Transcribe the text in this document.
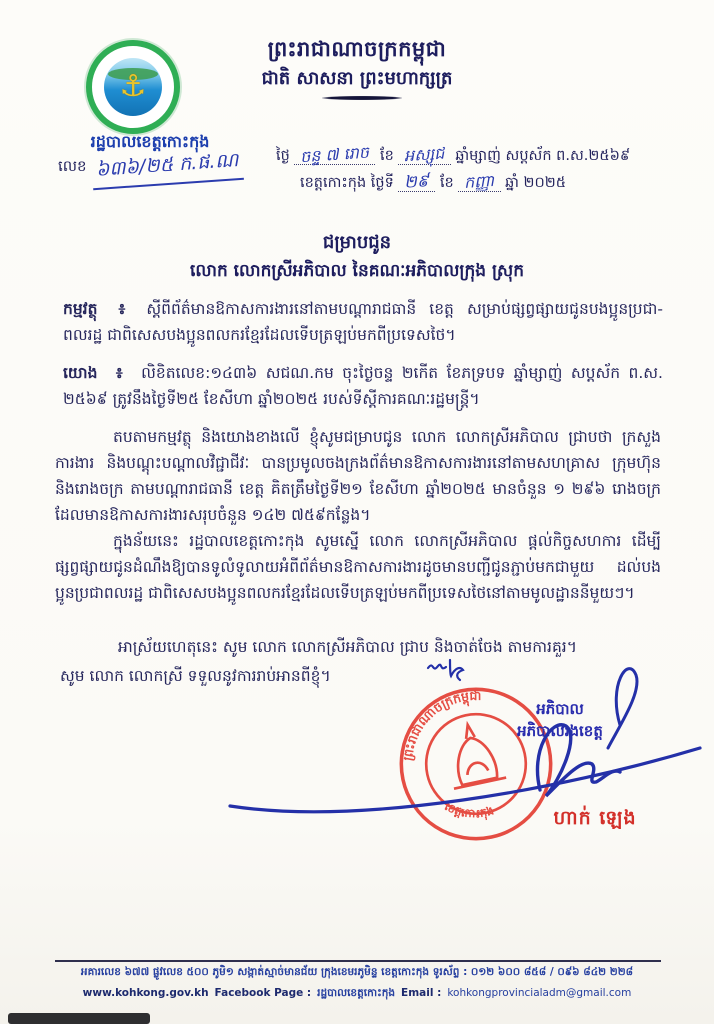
ព្រះរាជាណាចក្រកម្ពុជា
ជាតិ សាសនា ព្រះមហាក្សត្រ
⚓
រដ្ឋបាលខេត្តកោះកុង
លេខ ៦៣៦/២៥ ក.ផ.ណ	ថ្ងៃ ចន្ទ ៧ រោច ខែ អស្សុជ ឆ្នាំម្សាញ់ សប្តស័ក ព.ស.២៥៦៩
ខេត្តកោះកុង ថ្ងៃទី ២៩ ខែ កញ្ញា ឆ្នាំ ២០២៥
ជម្រាបជូន
លោក លោកស្រីអភិបាល នៃគណៈអភិបាលក្រុង ស្រុក
កម្មវត្ថុ ៖ ស្តីពីព័ត៌មានឱកាសការងារនៅតាមបណ្តារាជធានី ខេត្ត សម្រាប់ផ្សព្វផ្សាយជូនបងប្អូនប្រជា-ពលរដ្ឋ ជាពិសេសបងប្អូនពលករខ្មែរដែលទើបត្រឡប់មកពីប្រទេសថៃ។
យោង ៖ លិខិតលេខ:១៤៣៦ សជណ.កម ចុះថ្ងៃចន្ទ ២កើត ខែភទ្របទ ឆ្នាំម្សាញ់ សប្តស័ក ព.ស. ២៥៦៩ ត្រូវនឹងថ្ងៃទី២៥ ខែសីហា ឆ្នាំ២០២៥ របស់ទីស្តីការគណៈរដ្ឋមន្ត្រី។
តបតាមកម្មវត្ថុ និងយោងខាងលើ ខ្ញុំសូមជម្រាបជូន លោក លោកស្រីអភិបាល ជ្រាបថា ក្រសួងការងារ និងបណ្តុះបណ្តាលវិជ្ជាជីវៈ បានប្រមូលចងក្រងព័ត៌មានឱកាសការងារនៅតាមសហគ្រាស ក្រុមហ៊ុន និងរោងចក្រ តាមបណ្តារាជធានី ខេត្ត គិតត្រឹមថ្ងៃទី២១ ខែសីហា ឆ្នាំ២០២៥ មានចំនួន ១ ២៩៦ រោងចក្រ ដែលមានឱកាសការងារសរុបចំនួន ១៤២ ៧៥៩កន្លែង។
ក្នុងន័យនេះ រដ្ឋបាលខេត្តកោះកុង សូមស្នើ លោក លោកស្រីអភិបាល ផ្តល់កិច្ចសហការ ដើម្បីផ្សព្វផ្សាយជូនដំណឹងឱ្យបានទូលំទូលាយអំពីព័ត៌មានឱកាសការងារដូចមានបញ្ជីជូនភ្ជាប់មកជាមួយ ដល់បងប្អូនប្រជាពលរដ្ឋ ជាពិសេសបងប្អូនពលករខ្មែរដែលទើបត្រឡប់មកពីប្រទេសថៃនៅតាមមូលដ្ឋាននីមួយៗ។
អាស្រ័យហេតុនេះ សូម លោក លោកស្រីអភិបាល ជ្រាប និងចាត់ចែង តាមការគួរ។
សូម លោក លោកស្រី ទទួលនូវការរាប់អានពីខ្ញុំ។
ព្រះរាជាណាចក្រកម្ពុជា
ខេត្តកោះកុង
អភិបាល
អភិបាលរងខេត្ត
ហាក់ ឡេង
អគារលេខ ៦៧៧ ផ្លូវលេខ ៥០០ ភូមិ១ សង្កាត់ស្មាច់មានជ័យ ក្រុងខេមរភូមិន្ទ ខេត្តកោះកុង ទូរស័ព្ទ : ០១២ ៦០០ ៨៥៨ / ០៩៦ ៨៤២ ២២៨
www.kohkong.gov.kh Facebook Page : រដ្ឋបាលខេត្តកោះកុង Email : kohkongprovincialadm@gmail.com
